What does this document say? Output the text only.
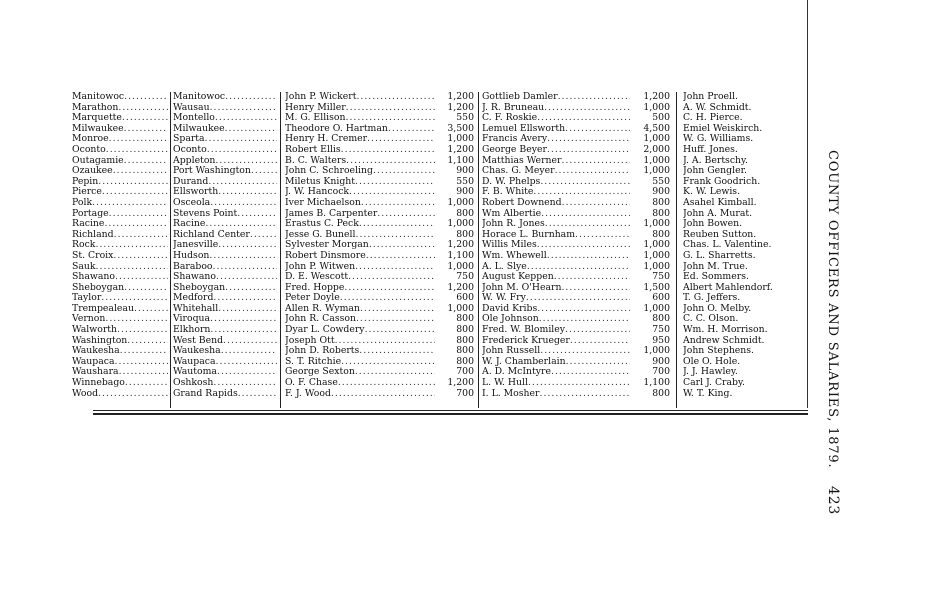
Manitowoc .....
Marathon .....
Marquette .....
Milwaukee .....
Monroe .....
Oconto .....
Outagamie .....
Ozaukee .....
Pepin .....
Pierce .....
Polk .....
Portage .....
Racine .....
Richland .....
Rock .....
St. Croix .....
Sauk .....
Shawano .....
Sheboygan .....
Taylor .....
Trempealeau .....
Vernon .....
Walworth .....
Washington .....
Waukesha .....
Waupaca .....
Waushara .....
Winnebago .....
Wood .....
Manitowoc .....
Wausau .....
Montello .....
Milwaukee .....
Sparta .....
Oconto .....
Appleton .....
Port Washington .....
Durand .....
Ellsworth .....
Osceola .....
Stevens Point .....
Racine .....
Richland Center .....
Janesville .....
Hudson .....
Baraboo .....
Shawano .....
Sheboygan .....
Medford .....
Whitehall .....
Viroqua .....
Elkhorn .....
West Bend .....
Waukesha .....
Waupaca .....
Wautoma .....
Oshkosh .....
Grand Rapids .....
John P. Wickert .....
Henry Miller .....
M. G. Ellison .....
Theodore O. Hartman .....
Henry H. Cremer .....
Robert Ellis .....
B. C. Walters .....
John C. Schroeling .....
Miletus Knight .....
J. W. Hancock .....
Iver Michaelson .....
James B. Carpenter .....
Erastus C. Peck .....
Jesse G. Bunell .....
Sylvester Morgan .....
Robert Dinsmore .....
John P. Witwen .....
D. E. Wescott .....
Fred. Hoppe .....
Peter Doyle .....
Allen R. Wyman .....
John R. Casson .....
Dyar L. Cowdery .....
Joseph Ott .....
John D. Roberts .....
S. T. Ritchie .....
George Sexton .....
O. F. Chase .....
F. J. Wood .....
1,200
1,200
550
3,500
1,000
1,200
1,100
900
550
900
1,000
800
1,000
800
1,200
1,100
1,000
750
1,200
600
1,000
800
800
800
800
800
700
1,200
700
Gottlieb Damler .....
J. R. Bruneau .....
C. F. Roskie .....
Lemuel Ellsworth .....
Francis Avery .....
George Beyer .....
Matthias Werner .....
Chas. G. Meyer .....
D. W. Phelps .....
F. B. White .....
Robert Downend .....
Wm Albertie .....
John R. Jones .....
Horace L. Burnham .....
Willis Miles .....
Wm. Whewell .....
A. L. Slye .....
August Keppen .....
John M. O'Hearn .....
W. W. Fry .....
David Kribs .....
Ole Johnson .....
Fred. W. Blomiley .....
Frederick Krueger .....
John Russell .....
W. J. Chamberlain .....
A. D. McIntyre .....
L. W. Hull .....
I. L. Mosher .....
1,200
1,000
500
4,500
1,000
2,000
1,000
1,000
550
900
800
800
1,000
800
1,000
1,000
1,000
750
1,500
600
1,000
800
750
950
1,000
900
700
1,100
800
John Proell.
A. W. Schmidt.
C. H. Pierce.
Emiel Weiskirch.
W. G. Williams.
Huff. Jones.
J. A. Bertschy.
John Gengler.
Frank Goodrich.
K. W. Lewis.
Asahel Kimball.
John A. Murat.
John Bowen.
Reuben Sutton.
Chas. L. Valentine.
G. L. Sharretts.
John M. True.
Ed. Sommers.
Albert Mahlendorf.
T. G. Jeffers.
John O. Melby.
C. C. Olson.
Wm. H. Morrison.
Andrew Schmidt.
John Stephens.
Ole O. Hole.
J. J. Hawley.
Carl J. Craby.
W. T. King.	COUNTY OFFICERS AND SALARIES, 1879.
423
